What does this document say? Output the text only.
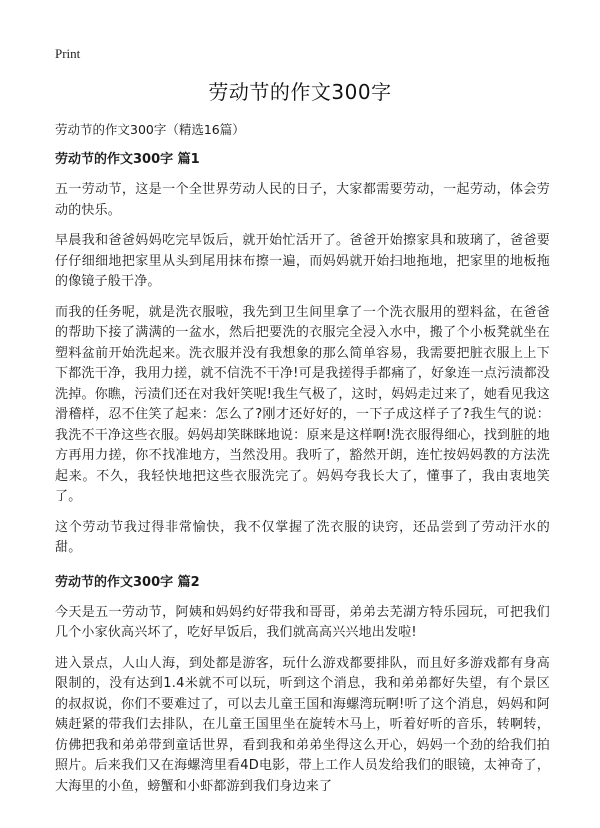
Print
劳动节的作文300字

劳动节的作文300字（精选16篇）

劳动节的作文300字 篇1

五一劳动节，这是一个全世界劳动人民的日子，大家都需要劳动，一起劳动，体会劳动的快乐。

早晨我和爸爸妈妈吃完早饭后，就开始忙活开了。爸爸开始擦家具和玻璃了，爸爸要仔仔细细地把家里从头到尾用抹布擦一遍，而妈妈就开始扫地拖地，把家里的地板拖的像镜子般干净。

而我的任务呢，就是洗衣服啦，我先到卫生间里拿了一个洗衣服用的塑料盆，在爸爸的帮助下接了满满的一盆水，然后把要洗的衣服完全浸入水中，搬了个小板凳就坐在塑料盆前开始洗起来。洗衣服并没有我想象的那么简单容易，我需要把脏衣服上上下下都洗干净，我用力搓，就不信洗不干净!可是我搓得手都痛了，好象连一点污渍都没洗掉。你瞧，污渍们还在对我奸笑呢!我生气极了，这时，妈妈走过来了，她看见我这滑稽样，忍不住笑了起来：怎么了?刚才还好好的，一下子成这样子了?我生气的说：我洗不干净这些衣服。妈妈却笑眯眯地说：原来是这样啊!洗衣服得细心，找到脏的地方再用力搓，你不找准地方，当然没用。我听了，豁然开朗，连忙按妈妈教的方法洗起来。不久，我轻快地把这些衣服洗完了。妈妈夸我长大了，懂事了，我由衷地笑了。

这个劳动节我过得非常愉快，我不仅掌握了洗衣服的诀窍，还品尝到了劳动汗水的甜。

劳动节的作文300字 篇2

今天是五一劳动节，阿姨和妈妈约好带我和哥哥，弟弟去芜湖方特乐园玩，可把我们几个小家伙高兴坏了，吃好早饭后，我们就高高兴兴地出发啦!

进入景点，人山人海，到处都是游客，玩什么游戏都要排队，而且好多游戏都有身高限制的，没有达到1.4米就不可以玩，听到这个消息，我和弟弟都好失望，有个景区的叔叔说，你们不要难过了，可以去儿童王国和海螺湾玩啊!听了这个消息，妈妈和阿姨赶紧的带我们去排队，在儿童王国里坐在旋转木马上，听着好听的音乐，转啊转，仿佛把我和弟弟带到童话世界，看到我和弟弟坐得这么开心，妈妈一个劲的给我们拍照片。后来我们又在海螺湾里看4D电影，带上工作人员发给我们的眼镜，太神奇了，大海里的小鱼，螃蟹和小虾都游到我们身边来了
